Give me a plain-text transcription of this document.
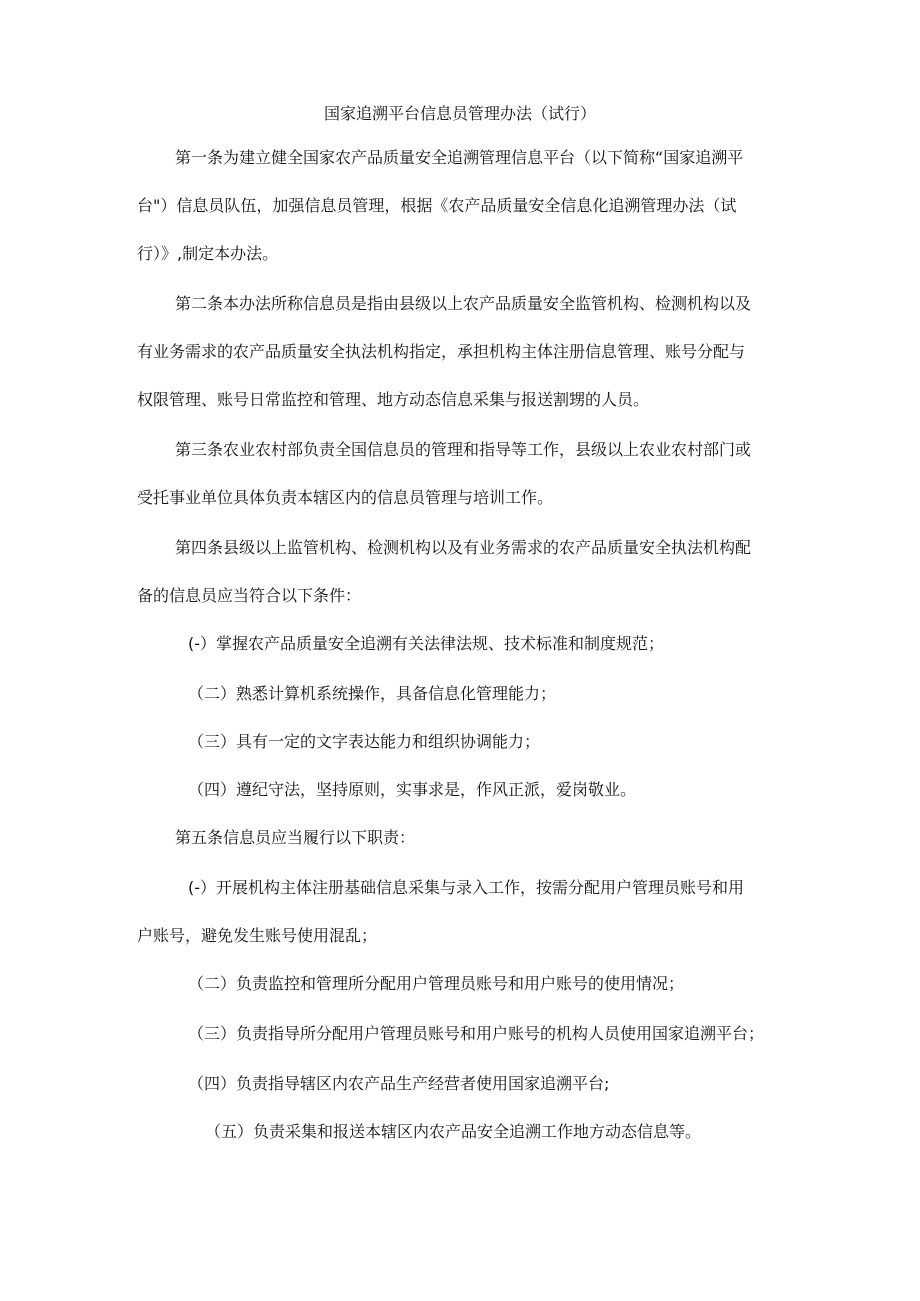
国家追溯平台信息员管理办法（试行）
第一条为建立健全国家农产品质量安全追溯管理信息平台（以下简称“国家追溯平
台"）信息员队伍，加强信息员管理，根据《农产品质量安全信息化追溯管理办法（试
行）》,制定本办法。
第二条本办法所称信息员是指由县级以上农产品质量安全监管机构、检测机构以及
有业务需求的农产品质量安全执法机构指定，承担机构主体注册信息管理、账号分配与
权限管理、账号日常监控和管理、地方动态信息采集与报送割甥的人员。
第三条农业农村部负责全国信息员的管理和指导等工作，县级以上农业农村部门或
受托事业单位具体负责本辖区内的信息员管理与培训工作。
第四条县级以上监管机构、检测机构以及有业务需求的农产品质量安全执法机构配
备的信息员应当符合以下条件：
(-）掌握农产品质量安全追溯有关法律法规、技术标准和制度规范；
（二）熟悉计算机系统操作，具备信息化管理能力；
（三）具有一定的文字表达能力和组织协调能力；
（四）遵纪守法，坚持原则，实事求是，作风正派，爱岗敬业。
第五条信息员应当履行以下职责：
(-）开展机构主体注册基础信息采集与录入工作，按需分配用户管理员账号和用
户账号，避免发生账号使用混乱；
（二）负责监控和管理所分配用户管理员账号和用户账号的使用情况；
（三）负责指导所分配用户管理员账号和用户账号的机构人员使用国家追溯平台；
（四）负责指导辖区内农产品生产经营者使用国家追溯平台;
（五）负责采集和报送本辖区内农产品安全追溯工作地方动态信息等。
